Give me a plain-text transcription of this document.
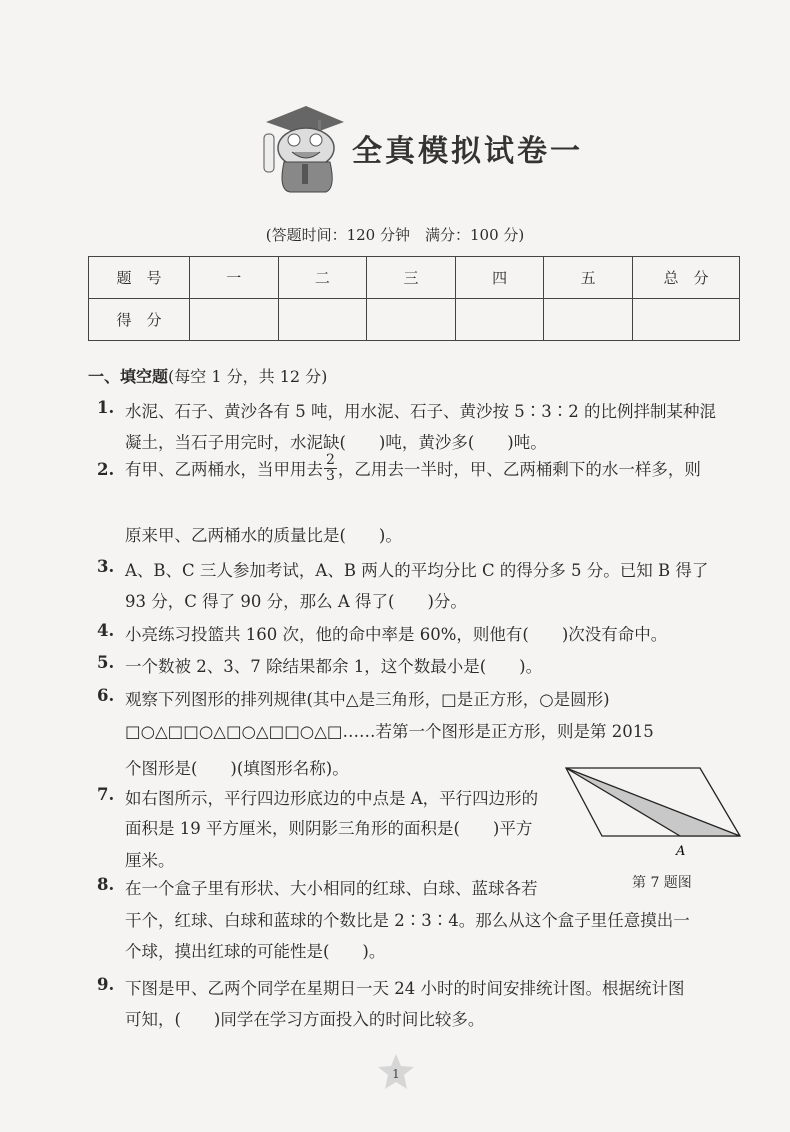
全真模拟试卷一
(答题时间：120 分钟　满分：100 分)
题　号	一	二	三	四	五	总　分
得　分						
一、填空题(每空 1 分，共 12 分)
1. 水泥、石子、黄沙各有 5 吨，用水泥、石子、黄沙按 5∶3∶2 的比例拌制某种混
凝土，当石子用完时，水泥缺(　　)吨，黄沙多(　　)吨。
2. 有甲、乙两桶水，当甲用去 $\frac{2}{3}$ ，乙用去一半时，甲、乙两桶剩下的水一样多，则
原来甲、乙两桶水的质量比是(　　)。
3. A、B、C 三人参加考试，A、B 两人的平均分比 C 的得分多 5 分。已知 B 得了
93 分，C 得了 90 分，那么 A 得了(　　)分。
4. 小亮练习投篮共 160 次，他的命中率是 60%，则他有(　　)次没有命中。
5. 一个数被 2、3、7 除结果都余 1，这个数最小是(　　)。
6. 观察下列图形的排列规律(其中△是三角形，□是正方形，○是圆形)
□○△□□○△□○△□□○△□……若第一个图形是正方形，则是第 2015
个图形是(　　)(填图形名称)。
7. 如右图所示，平行四边形底边的中点是 A，平行四边形的
面积是 19 平方厘米，则阴影三角形的面积是(　　)平方
厘米。
8. 在一个盒子里有形状、大小相同的红球、白球、蓝球各若
干个，红球、白球和蓝球的个数比是 2∶3∶4。那么从这个盒子里任意摸出一
个球，摸出红球的可能性是(　　)。
9. 下图是甲、乙两个同学在星期日一天 24 小时的时间安排统计图。根据统计图
可知，(　　)同学在学习方面投入的时间比较多。
A
第 7 题图
1
